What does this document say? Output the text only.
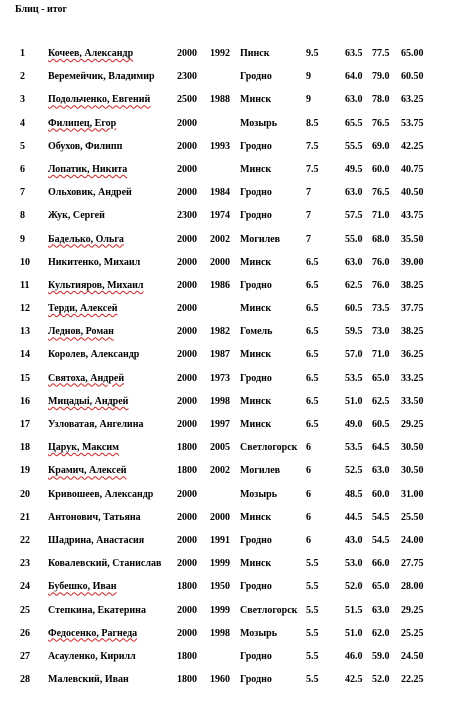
Блиц - итог
1 Кочеев, Александр	2000 1992 Пинск	9.5	63.5 77.5 65.00
2 Веремейчик, Владимир 2300	Гродно	9	64.0 79.0 60.50
3 Подольченко, Евгений	2500 1988 Минск	9	63.0 78.0 63.25
4 Филипец, Егор	2000	Мозырь	8.5	65.5 76.5 53.75
5 Обухов, Филипп	2000 1993 Гродно	7.5	55.5 69.0 42.25
6 Лопатик, Никита	2000	Минск	7.5	49.5 60.0 40.75
7 Ольховик, Андрей	2000 1984 Гродно	7	63.0 76.5 40.50
8 Жук, Сергей	2300 1974 Гродно	7	57.5 71.0 43.75
9 Баделько, Ольга	2000 2002 Могилев	7	55.0 68.0 35.50
10 Никитенко, Михаил	2000 2000 Минск	6.5	63.0 76.0 39.00
11 Культияров, Михаил	2000 1986 Гродно	6.5	62.5 76.0 38.25
12 Терди, Алексей	2000	Минск	6.5	60.5 73.5 37.75
13 Леднов, Роман	2000 1982 Гомель	6.5	59.5 73.0 38.25
14 Королев, Александр	2000 1987 Минск	6.5	57.0 71.0 36.25
15 Святоха, Андрей	2000 1973 Гродно	6.5	53.5 65.0 33.25
16 Мицадыі, Андрей	2000 1998 Минск	6.5	51.0 62.5 33.50
17 Узловатая, Ангелина	2000 1997 Минск	6.5	49.0 60.5 29.25
18 Царук, Максим	1800 2005 Светлогорск 6	53.5 64.5 30.50
19 Крамич, Алексей	1800 2002 Могилев	6	52.5 63.0 30.50
20 Кривошеев, Александр 2000	Мозырь	6	48.5 60.0 31.00
21 Антонович, Татьяна	2000 2000 Минск	6	44.5 54.5 25.50
22 Шадрина, Анастасия	2000 1991 Гродно	6	43.0 54.5 24.00
23 Ковалевский, Станислав 2000 1999 Минск	5.5	53.0 66.0 27.75
24 Бубешко, Иван	1800 1950 Гродно	5.5	52.0 65.0 28.00
25 Степкина, Екатерина	2000 1999 Светлогорск 5.5	51.5 63.0 29.25
26 Федосенко, Рагнеда	2000 1998 Мозырь	5.5	51.0 62.0 25.25
27 Асауленко, Кирилл	1800	Гродно	5.5	46.0 59.0 24.50
28 Малевский, Иван	1800 1960 Гродно	5.5	42.5 52.0 22.25
